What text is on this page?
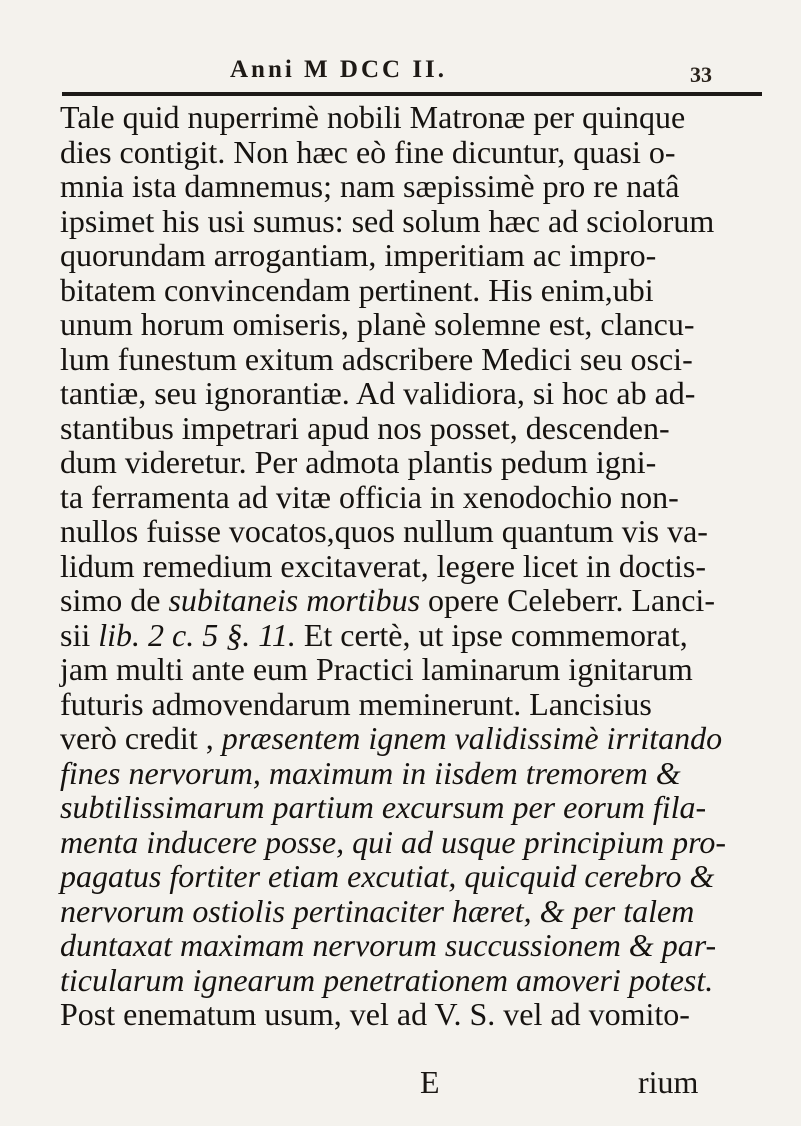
Anni M DCC II.	33
Tale quid nuperrimè nobili Matronæ per quinque
dies contigit. Non hæc eò fine dicuntur, quasi o-
mnia ista damnemus; nam sæpissimè pro re natâ
ipsimet his usi sumus: sed solum hæc ad sciolorum
quorundam arrogantiam, imperitiam ac impro-
bitatem convincendam pertinent. His enim,ubi
unum horum omiseris, planè solemne est, clancu-
lum funestum exitum adscribere Medici seu osci-
tantiæ, seu ignorantiæ. Ad validiora, si hoc ab ad-
stantibus impetrari apud nos posset, descenden-
dum videretur. Per admota plantis pedum igni-
ta ferramenta ad vitæ officia in xenodochio non-
nullos fuisse vocatos,quos nullum quantum vis va-
lidum remedium excitaverat, legere licet in doctis-
simo de subitaneis mortibus opere Celeberr. Lanci-
sii lib. 2 c. 5 §. 11. Et certè, ut ipse commemorat,
jam multi ante eum Practici laminarum ignitarum
futuris admovendarum meminerunt. Lancisius
verò credit , præsentem ignem validissimè irritando
fines nervorum, maximum in iisdem tremorem &
subtilissimarum partium excursum per eorum fila-
menta inducere posse, qui ad usque principium pro-
pagatus fortiter etiam excutiat, quicquid cerebro &
nervorum ostiolis pertinaciter hæret, & per talem
duntaxat maximam nervorum succussionem & par-
ticularum ignearum penetrationem amoveri potest.
Post enematum usum, vel ad V. S. vel ad vomito-
E	rium
